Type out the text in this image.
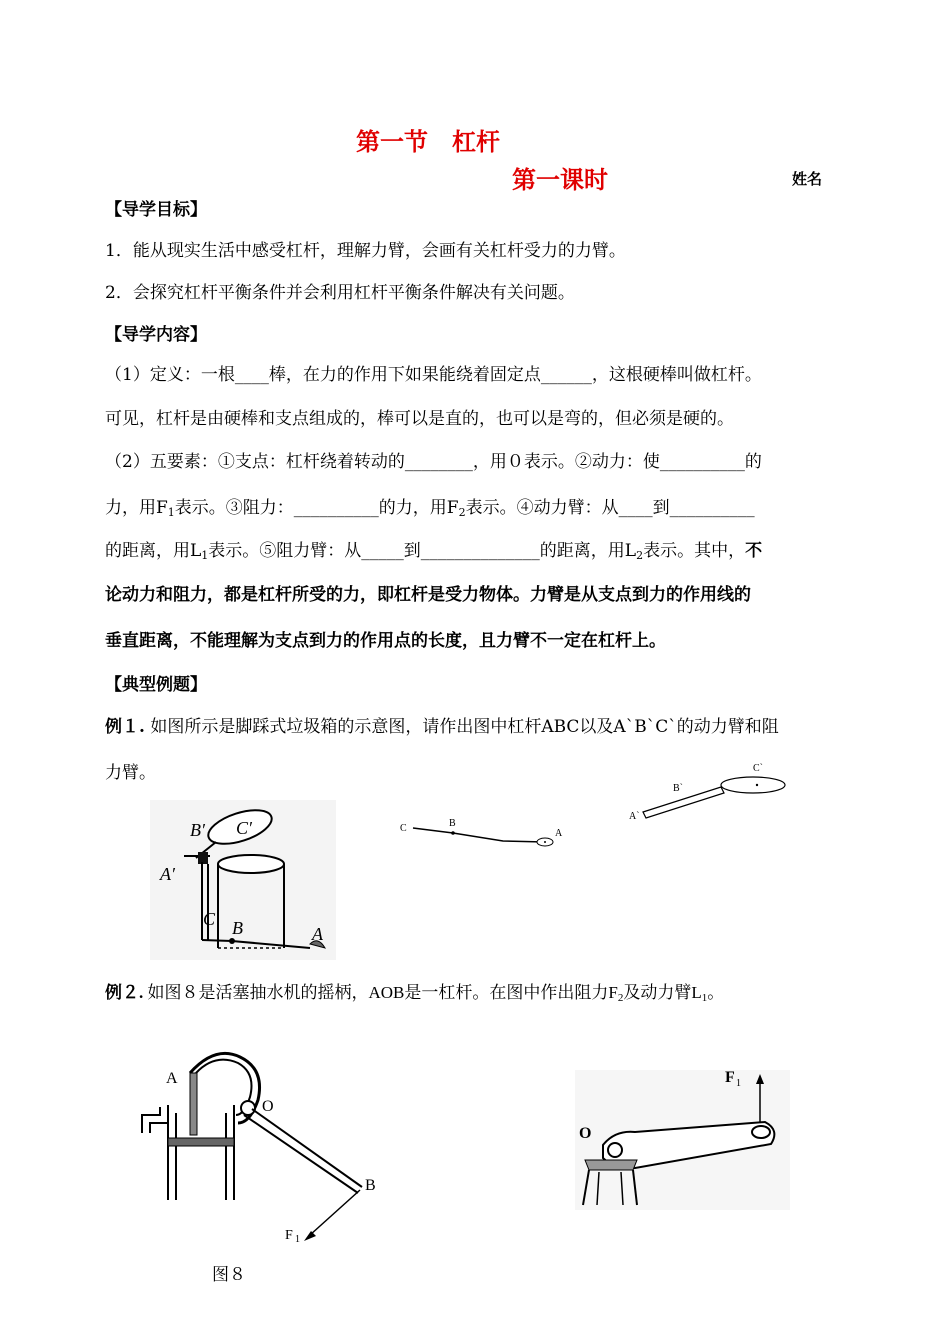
第一节　杠杆
第一课时	姓名
【导学目标】
1．能从现实生活中感受杠杆，理解力臂，会画有关杠杆受力的力臂。
2．会探究杠杆平衡条件并会利用杠杆平衡条件解决有关问题。
【导学内容】
（1）定义：一根____棒，在力的作用下如果能绕着固定点______，这根硬棒叫做杠杆。
可见，杠杆是由硬棒和支点组成的，棒可以是直的，也可以是弯的，但必须是硬的。
（2）五要素：①支点：杠杆绕着转动的________，用０表示。②动力：使__________的
力，用$F_1$表示。③阻力：__________的力，用$F_2$表示。④动力臂：从____到__________
的距离，用$L_1$表示。⑤阻力臂：从_____到______________的距离，用$L_2$表示。其中，不
论动力和阻力，都是杠杆所受的力，即杠杆是受力物体。力臂是从支点到力的作用线的
垂直距离，不能理解为支点到力的作用点的长度，且力臂不一定在杠杆上。
【典型例题】
例１. 如图所示是脚踩式垃圾箱的示意图，请作出图中杠杆ABC以及A`B`C`的动力臂和阻
力臂。
B′ C′
A′
C B	A
C	B
A
A`
B`
C`
例２. 如图８是活塞抽水机的摇柄，AOB是一杠杆。在图中作出阻力$F_2$及动力臂$L_1$。
A
O
B
F 1
图８
F 1
O
